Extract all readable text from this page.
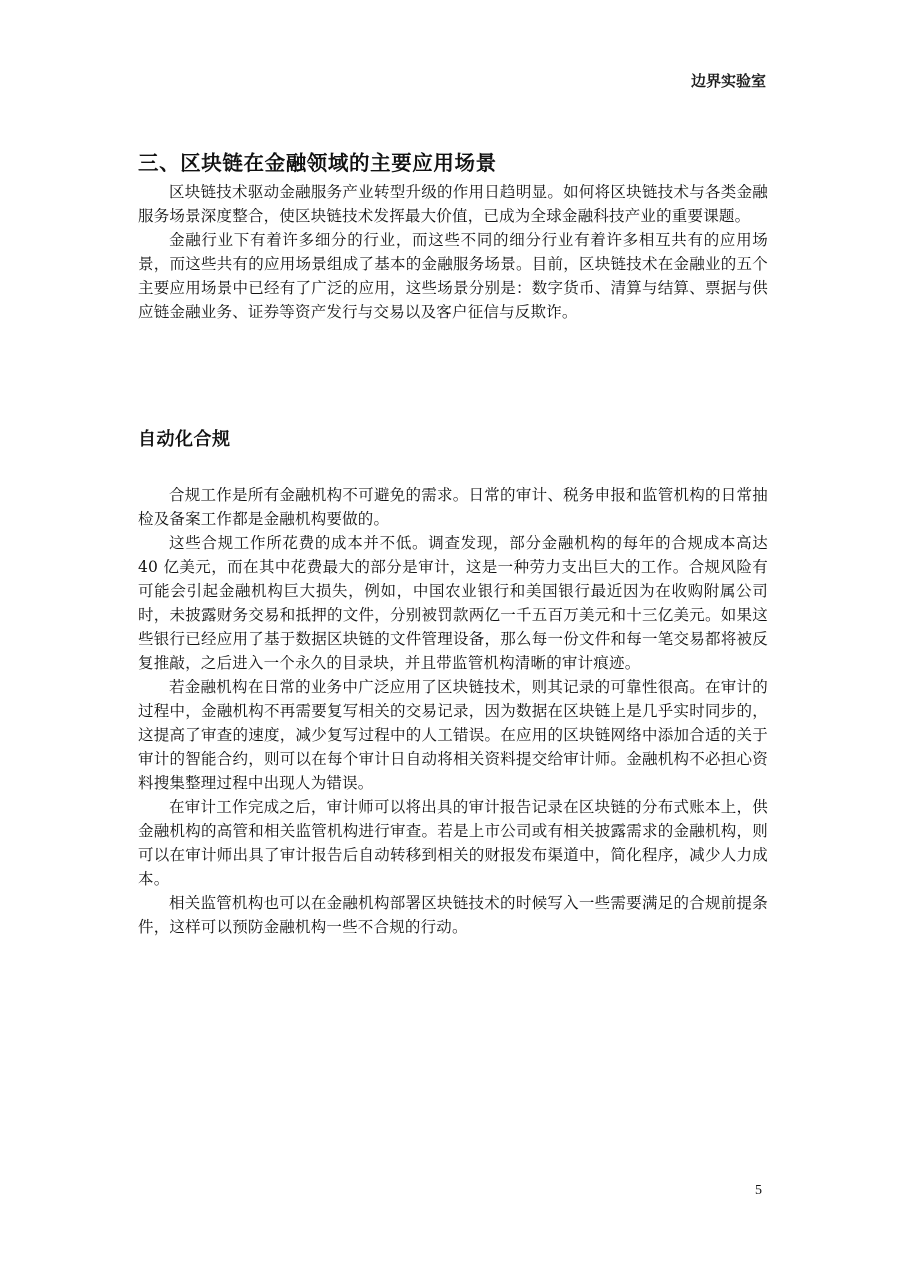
边界实验室
三、区块链在金融领域的主要应用场景

区块链技术驱动金融服务产业转型升级的作用日趋明显。如何将区块链技术与各类金融服务场景深度整合，使区块链技术发挥最大价值，已成为全球金融科技产业的重要课题。

金融行业下有着许多细分的行业，而这些不同的细分行业有着许多相互共有的应用场景，而这些共有的应用场景组成了基本的金融服务场景。目前，区块链技术在金融业的五个主要应用场景中已经有了广泛的应用，这些场景分别是：数字货币、清算与结算、票据与供应链金融业务、证券等资产发行与交易以及客户征信与反欺诈。

自动化合规

合规工作是所有金融机构不可避免的需求。日常的审计、税务申报和监管机构的日常抽检及备案工作都是金融机构要做的。

这些合规工作所花费的成本并不低。调查发现，部分金融机构的每年的合规成本高达 40 亿美元，而在其中花费最大的部分是审计，这是一种劳力支出巨大的工作。合规风险有可能会引起金融机构巨大损失，例如，中国农业银行和美国银行最近因为在收购附属公司时，未披露财务交易和抵押的文件，分别被罚款两亿一千五百万美元和十三亿美元。如果这些银行已经应用了基于数据区块链的文件管理设备，那么每一份文件和每一笔交易都将被反复推敲，之后进入一个永久的目录块，并且带监管机构清晰的审计痕迹。

若金融机构在日常的业务中广泛应用了区块链技术，则其记录的可靠性很高。在审计的过程中，金融机构不再需要复写相关的交易记录，因为数据在区块链上是几乎实时同步的，这提高了审查的速度，减少复写过程中的人工错误。在应用的区块链网络中添加合适的关于审计的智能合约，则可以在每个审计日自动将相关资料提交给审计师。金融机构不必担心资料搜集整理过程中出现人为错误。

在审计工作完成之后，审计师可以将出具的审计报告记录在区块链的分布式账本上，供金融机构的高管和相关监管机构进行审查。若是上市公司或有相关披露需求的金融机构，则可以在审计师出具了审计报告后自动转移到相关的财报发布渠道中，简化程序，减少人力成本。

相关监管机构也可以在金融机构部署区块链技术的时候写入一些需要满足的合规前提条件，这样可以预防金融机构一些不合规的行动。

5
